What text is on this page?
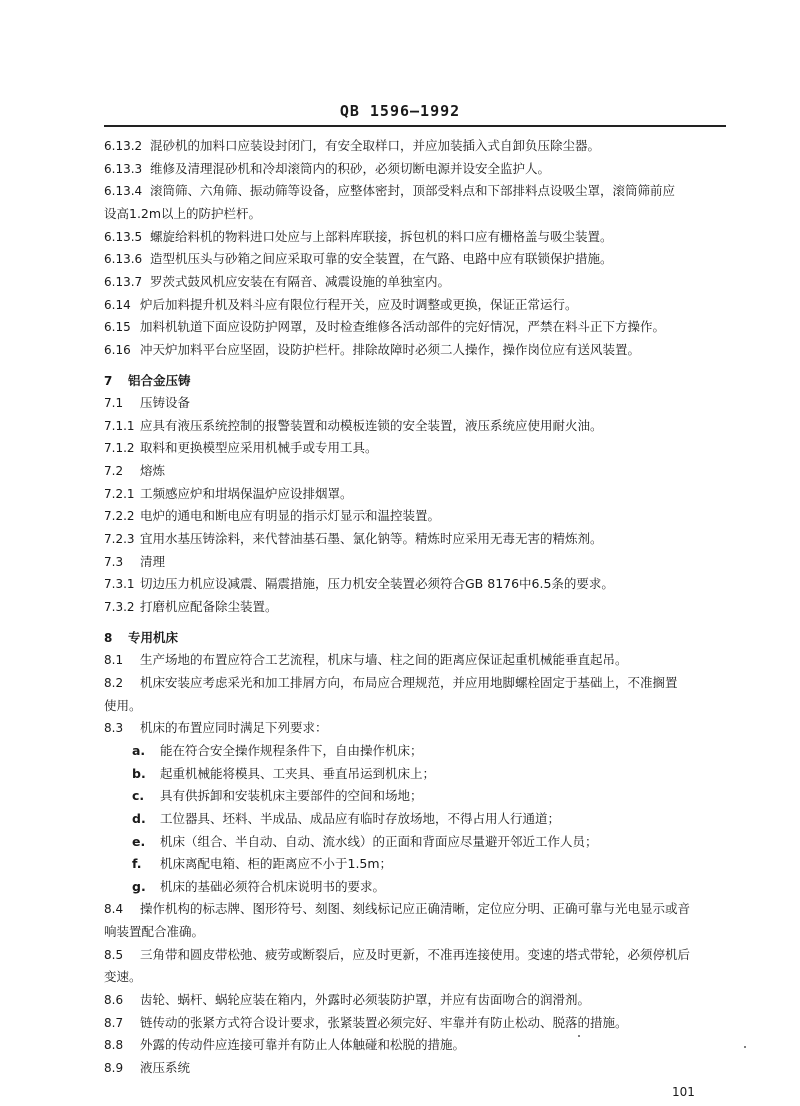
QB 1596—1992
6.13.2 混砂机的加料口应装设封闭门，有安全取样口，并应加装插入式自卸负压除尘器。
6.13.3 维修及清理混砂机和冷却滚筒内的积砂，必须切断电源并设安全监护人。
6.13.4 滚筒筛、六角筛、振动筛等设备，应整体密封，顶部受料点和下部排料点设吸尘罩，滚筒筛前应
设高1.2m以上的防护栏杆。
6.13.5 螺旋给料机的物料进口处应与上部料库联接，拆包机的料口应有栅格盖与吸尘装置。
6.13.6 造型机压头与砂箱之间应采取可靠的安全装置，在气路、电路中应有联锁保护措施。
6.13.7 罗茨式鼓风机应安装在有隔音、减震设施的单独室内。
6.14 炉后加料提升机及料斗应有限位行程开关，应及时调整或更换，保证正常运行。
6.15 加料机轨道下面应设防护网罩，及时检查维修各活动部件的完好情况，严禁在料斗正下方操作。
6.16 冲天炉加料平台应坚固，设防护栏杆。排除故障时必须二人操作，操作岗位应有送风装置。
7 铝合金压铸
7.1 压铸设备
7.1.1 应具有液压系统控制的报警装置和动模板连锁的安全装置，液压系统应使用耐火油。
7.1.2 取料和更换模型应采用机械手或专用工具。
7.2 熔炼
7.2.1 工频感应炉和坩埚保温炉应设排烟罩。
7.2.2 电炉的通电和断电应有明显的指示灯显示和温控装置。
7.2.3 宜用水基压铸涂料，来代替油基石墨、氯化钠等。精炼时应采用无毒无害的精炼剂。
7.3 清理
7.3.1 切边压力机应设减震、隔震措施，压力机安全装置必须符合GB 8176中6.5条的要求。
7.3.2 打磨机应配备除尘装置。
8 专用机床
8.1 生产场地的布置应符合工艺流程，机床与墙、柱之间的距离应保证起重机械能垂直起吊。
8.2 机床安装应考虑采光和加工排屑方向，布局应合理规范，并应用地脚螺栓固定于基础上，不准搁置
使用。
8.3 机床的布置应同时满足下列要求：
a. 能在符合安全操作规程条件下，自由操作机床；
b. 起重机械能将模具、工夹具、垂直吊运到机床上；
c. 具有供拆卸和安装机床主要部件的空间和场地；
d. 工位器具、坯料、半成品、成品应有临时存放场地，不得占用人行通道；
e. 机床（组合、半自动、自动、流水线）的正面和背面应尽量避开邻近工作人员；
f. 机床离配电箱、柜的距离应不小于1.5m；
g. 机床的基础必须符合机床说明书的要求。
8.4 操作机构的标志牌、图形符号、刻图、刻线标记应正确清晰，定位应分明、正确可靠与光电显示或音
响装置配合准确。
8.5 三角带和圆皮带松弛、疲劳或断裂后，应及时更新，不准再连接使用。变速的塔式带轮，必须停机后
变速。
8.6 齿轮、蜗杆、蜗轮应装在箱内，外露时必须装防护罩，并应有齿面吻合的润滑剂。
8.7 链传动的张紧方式符合设计要求，张紧装置必须完好、牢靠并有防止松动、脱落的措施。
8.8 外露的传动件应连接可靠并有防止人体触碰和松脱的措施。
101
8.9 液压系统
